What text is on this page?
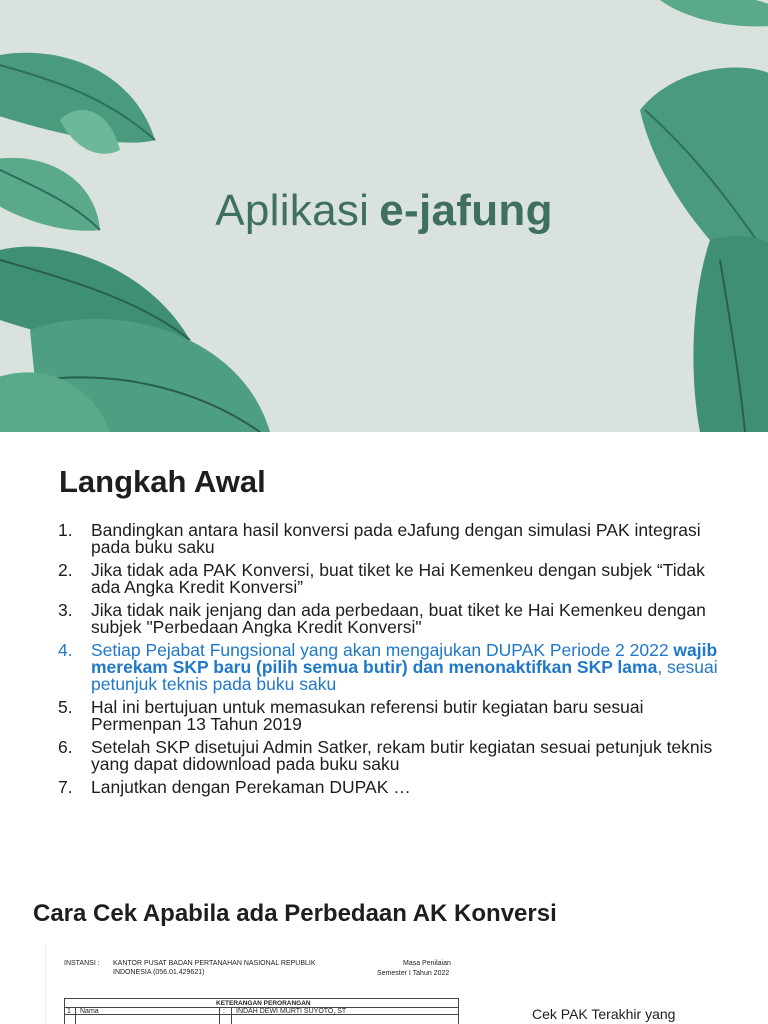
Aplikasi e-jafung
Langkah Awal
1. Bandingkan antara hasil konversi pada eJafung dengan simulasi PAK integrasi pada buku saku
2. Jika tidak ada PAK Konversi, buat tiket ke Hai Kemenkeu dengan subjek “Tidak ada Angka Kredit Konversi”
3. Jika tidak naik jenjang dan ada perbedaan, buat tiket ke Hai Kemenkeu dengan subjek "Perbedaan Angka Kredit Konversi"
4. Setiap Pejabat Fungsional yang akan mengajukan DUPAK Periode 2 2022 wajib merekam SKP baru (pilih semua butir) dan menonaktifkan SKP lama, sesuai petunjuk teknis pada buku saku
5. Hal ini bertujuan untuk memasukan referensi butir kegiatan baru sesuai Permenpan 13 Tahun 2019
6. Setelah SKP disetujui Admin Satker, rekam butir kegiatan sesuai petunjuk teknis yang dapat didownload pada buku saku
7. Lanjutkan dengan Perekaman DUPAK …
Cara Cek Apabila ada Perbedaan AK Konversi
INSTANSI : KANTOR PUSAT BADAN PERTANAHAN NASIONAL REPUBLIK
INDONESIA (056.01.429621)
Masa Penilaian
Semester I Tahun 2022
KETERANGAN PERORANGAN
1 Nama	: INDAH DEWI MURTI SUYOTO, ST	Cek PAK Terakhir yang
